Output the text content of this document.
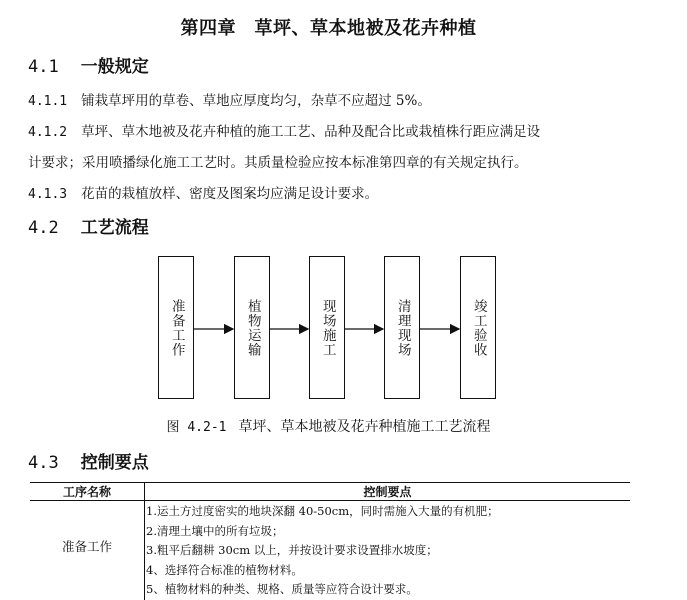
第四章　草坪、草本地被及花卉种植
4.1 一般规定
4.1.1 铺栽草坪用的草卷、草地应厚度均匀，杂草不应超过 5%。
4.1.2 草坪、草木地被及花卉种植的施工工艺、品种及配合比或栽植株行距应满足设
计要求；采用喷播绿化施工工艺时。其质量检验应按本标准第四章的有关规定执行。
4.1.3 花苗的栽植放样、密度及图案均应满足设计要求。
4.2 工艺流程
准备工作	植物运输	现场施工	清理现场	竣工验收
图 4.2-1 草坪、草本地被及花卉种植施工工艺流程
4.3 控制要点
工序名称	控制要点
准备工作	1.运土方过度密实的地块深翻 40-50cm，同时需施入大量的有机肥；
2.清理土壤中的所有垃圾；
3.粗平后翻耕 30cm 以上，并按设计要求设置排水坡度；
4、选择符合标准的植物材料。
5、植物材料的种类、规格、质量等应符合设计要求。
